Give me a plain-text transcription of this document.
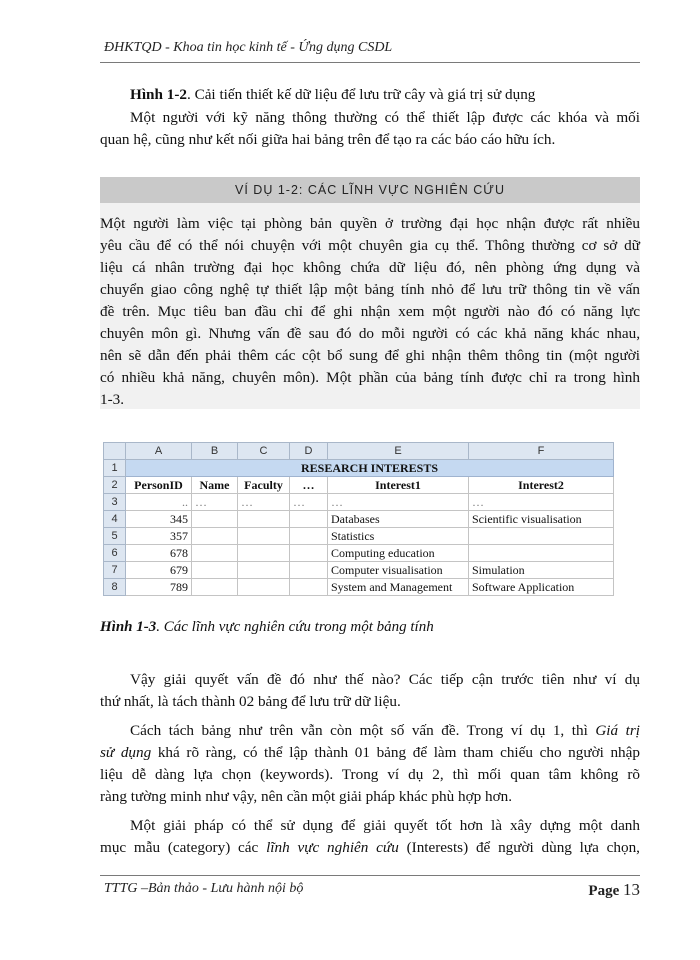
ĐHKTQD - Khoa tin học kinh tế - Ứng dụng CSDL
Hình 1-2. Cải tiến thiết kế dữ liệu để lưu trữ cây và giá trị sử dụng
Một người với kỹ năng thông thường có thể thiết lập được các khóa và mối
quan hệ, cũng như kết nối giữa hai bảng trên để tạo ra các báo cáo hữu ích.
VÍ DỤ 1-2: CÁC LĨNH VỰC NGHIÊN CỨU
Một người làm việc tại phòng bản quyền ở trường đại học nhận được rất nhiều
yêu cầu để có thể nói chuyện với một chuyên gia cụ thể. Thông thường cơ sở dữ
liệu cá nhân trường đại học không chứa dữ liệu đó, nên phòng ứng dụng và
chuyển giao công nghệ tự thiết lập một bảng tính nhỏ để lưu trữ thông tin về vấn
đề trên. Mục tiêu ban đầu chỉ để ghi nhận xem một người nào đó có năng lực
chuyên môn gì. Nhưng vấn đề sau đó do mỗi người có các khả năng khác nhau,
nên sẽ dẫn đến phải thêm các cột bổ sung để ghi nhận thêm thông tin (một người
có nhiều khả năng, chuyên môn). Một phần của bảng tính được chỉ ra trong hình
1-3.
	A	B	C	D	E	F
1	RESEARCH INTERESTS					
2	PersonID	Name	Faculty	…	Interest1	Interest2
3	..	…	…	…	…	…
4	345				Databases	Scientific visualisation
5	357				Statistics	
6	678				Computing education	
7	679				Computer visualisation	Simulation
8	789				System and Management	Software Application
Hình 1-3. Các lĩnh vực nghiên cứu trong một bảng tính
Vậy giải quyết vấn đề đó như thế nào? Các tiếp cận trước tiên như ví dụ
thứ nhất, là tách thành 02 bảng để lưu trữ dữ liệu.
Cách tách bảng như trên vẫn còn một số vấn đề. Trong ví dụ 1, thì Giá trị
sử dụng khá rõ ràng, có thể lập thành 01 bảng để làm tham chiếu cho người nhập
liệu dễ dàng lựa chọn (keywords). Trong ví dụ 2, thì mối quan tâm không rõ
ràng tường minh như vậy, nên cần một giải pháp khác phù hợp hơn.
Một giải pháp có thể sử dụng để giải quyết tốt hơn là xây dựng một danh
mục mẫu (category) các lĩnh vực nghiên cứu (Interests) để người dùng lựa chọn,
TTTG –Bản thảo - Lưu hành nội bộ	Page 13
